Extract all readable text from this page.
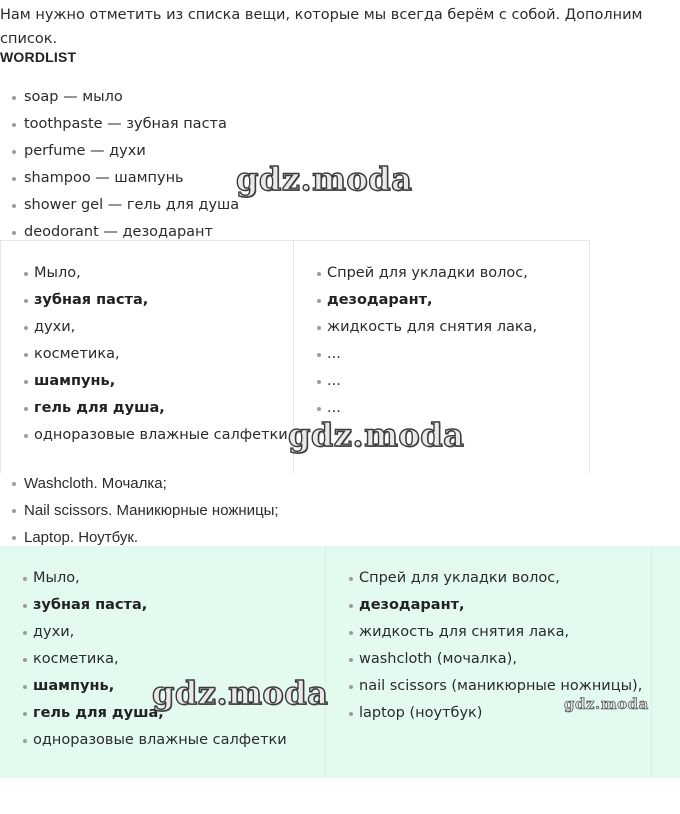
Нам нужно отметить из списка вещи, которые мы всегда берём с собой. Дополним список.

WORDLIST
soap — мыло
toothpaste — зубная паста
perfume — духи
shampoo — шампунь
shower gel — гель для душа
deodorant — дезодарант
Мыло,
зубная паста,
духи,
косметика,
шампунь,
гель для душа,
одноразовые влажные салфетки
Спрей для укладки волос,
дезодарант,
жидкость для снятия лака,
...
...
...
Washcloth. Мочалка;
Nail scissors. Маникюрные ножницы;
Laptop. Ноутбук.
Мыло,
зубная паста,
духи,
косметика,
шампунь,
гель для душа,
одноразовые влажные салфетки
Спрей для укладки волос,
дезодарант,
жидкость для снятия лака,
washcloth (мочалка),
nail scissors (маникюрные ножницы),
laptop (ноутбук)
gdz.moda
gdz.moda
gdz.moda	gdz.moda
